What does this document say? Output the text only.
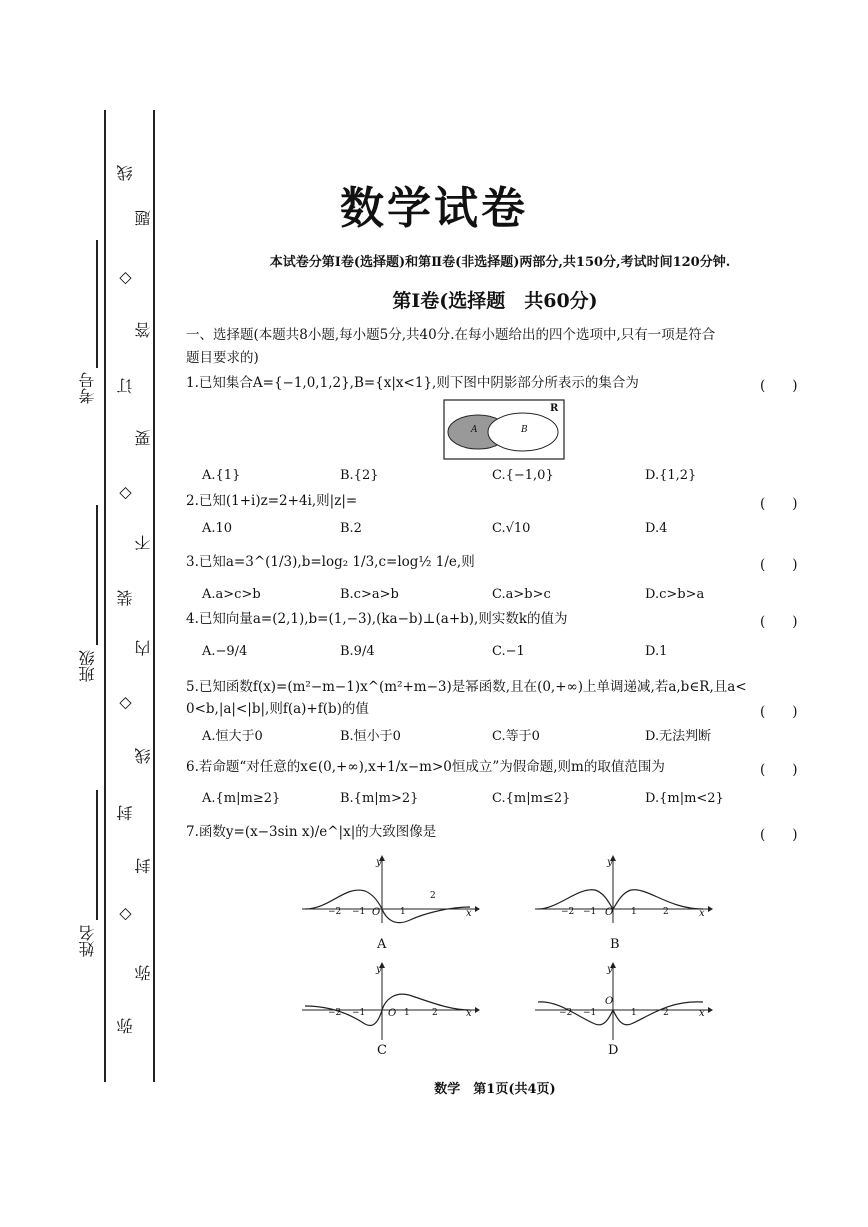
线
题
◇
答
订
要
◇
不
装
内
◇
线
封
封
◇
弥
弥
考号
班级
姓名
数学试卷
本试卷分第Ⅰ卷(选择题)和第Ⅱ卷(非选择题)两部分,共150分,考试时间120分钟.
第Ⅰ卷(选择题　共60分)
一、选择题(本题共8小题,每小题5分,共40分.在每小题给出的四个选项中,只有一项是符合
题目要求的)
1.已知集合A={−1,0,1,2},B={x|x<1},则下图中阴影部分所表示的集合为	(　　)
R
A	B
A.{1}	B.{2}	C.{−1,0}	D.{1,2}
2.已知(1+i)z=2+4i,则|z|=	(　　)
A.10	B.2	C.√10	D.4
3.已知a=3^(1/3),b=log₂ 1/3,c=log½ 1/e,则	(　　)
A.a>c>b	B.c>a>b	C.a>b>c	D.c>b>a
4.已知向量a=(2,1),b=(1,−3),(ka−b)⊥(a+b),则实数k的值为	(　　)
A.−9/4	B.9/4	C.−1	D.1
5.已知函数f(x)=(m²−m−1)x^(m²+m−3)是幂函数,且在(0,+∞)上单调递减,若a,b∈R,且a<
0<b,|a|<|b|,则f(a)+f(b)的值	(　　)
A.恒大于0	B.恒小于0	C.等于0	D.无法判断
6.若命题“对任意的x∈(0,+∞),x+1/x−m>0恒成立”为假命题,则m的取值范围为	(　　)
A.{m|m≥2}	B.{m|m>2}	C.{m|m≤2}	D.{m|m<2}
7.函数y=(x−3sin x)/e^|x|的大致图像是	(　　)
y
x
O
−2 −1	1
2
A
y
x
O
−2 −1	1	2
B
y
x
O
−2 −1	1 2
C
y
x
O
−2 −1	1	2
D
数学　第1页(共4页)
